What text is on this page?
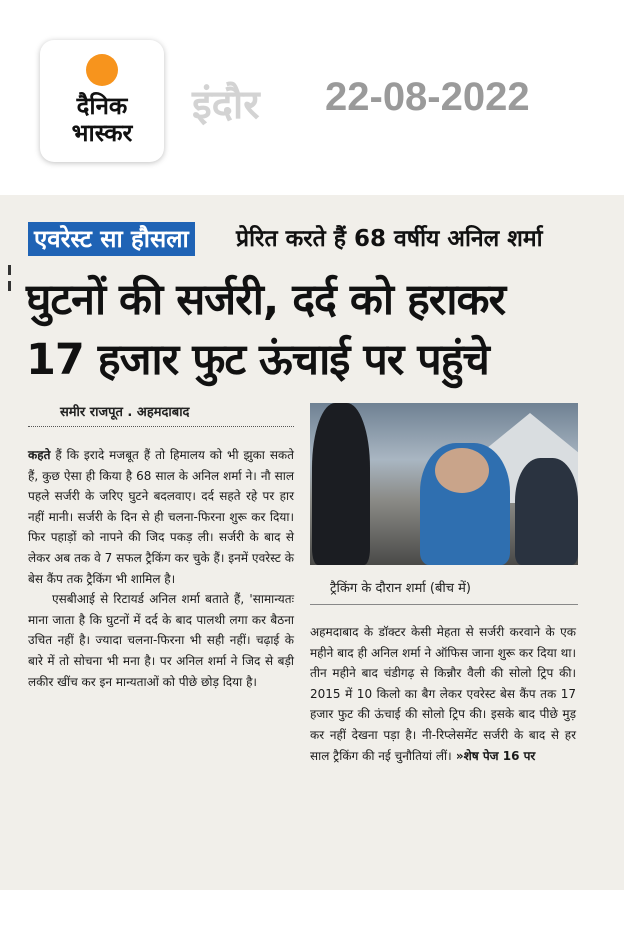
दैनिक
भास्कर
इंदौर 22-08-2022
एवरेस्ट सा हौसला प्रेरित करते हैं 68 वर्षीय अनिल शर्मा
घुटनों की सर्जरी, दर्द को हराकर
17 हजार फुट ऊंचाई पर पहुंचे
समीर राजपूत . अहमदाबाद

कहते हैं कि इरादे मजबूत हैं तो हिमालय को भी झुका सकते हैं, कुछ ऐसा ही किया है 68 साल के अनिल शर्मा ने। नौ साल पहले सर्जरी के जरिए घुटने बदलवाए। दर्द सहते रहे पर हार नहीं मानी। सर्जरी के दिन से ही चलना-फिरना शुरू कर दिया। फिर पहाड़ों को नापने की जिद पकड़ ली। सर्जरी के बाद से लेकर अब तक वे 7 सफल ट्रैकिंग कर चुके हैं। इनमें एवरेस्ट के बेस कैंप तक ट्रैकिंग भी शामिल है।

एसबीआई से रिटायर्ड अनिल शर्मा बताते हैं, 'सामान्यतः माना जाता है कि घुटनों में दर्द के बाद पालथी लगा कर बैठना उचित नहीं है। ज्यादा चलना-फिरना भी सही नहीं। चढ़ाई के बारे में तो सोचना भी मना है। पर अनिल शर्मा ने जिद से बड़ी लकीर खींच कर इन मान्यताओं को पीछे छोड़ दिया है।

ट्रैकिंग के दौरान शर्मा (बीच में)

अहमदाबाद के डॉक्टर केसी मेहता से सर्जरी करवाने के एक महीने बाद ही अनिल शर्मा ने ऑफिस जाना शुरू कर दिया था। तीन महीने बाद चंडीगढ़ से किन्नौर वैली की सोलो ट्रिप की। 2015 में 10 किलो का बैग लेकर एवरेस्ट बेस कैंप तक 17 हजार फुट की ऊंचाई की सोलो ट्रिप की। इसके बाद पीछे मुड़ कर नहीं देखना पड़ा है। नी-रिप्लेसमेंट सर्जरी के बाद से हर साल ट्रैकिंग की नई चुनौतियां लीं। »शेष पेज 16 पर
